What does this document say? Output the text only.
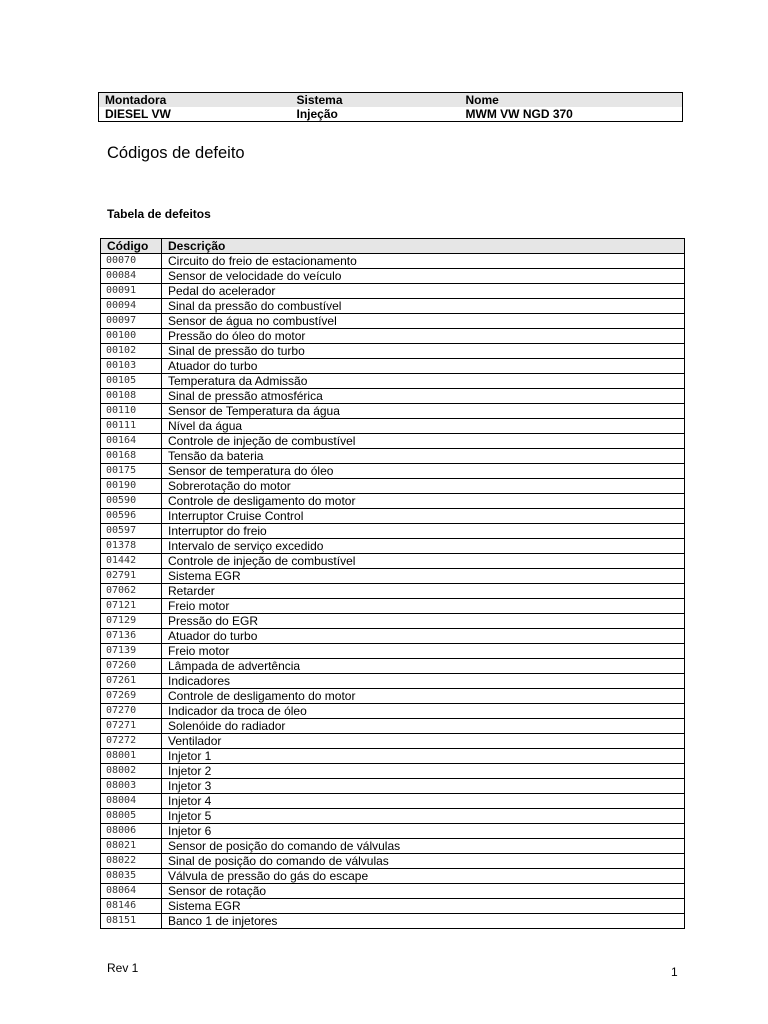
Montadora	Sistema	Nome
DIESEL VW	Injeção	MWM VW NGD 370
Códigos de defeito
Tabela de defeitos
Código	Descrição
00070	Circuito do freio de estacionamento
00084	Sensor de velocidade do veículo
00091	Pedal do acelerador
00094	Sinal da pressão do combustível
00097	Sensor de água no combustível
00100	Pressão do óleo do motor
00102	Sinal de pressão do turbo
00103	Atuador do turbo
00105	Temperatura da Admissão
00108	Sinal de pressão atmosférica
00110	Sensor de Temperatura da água
00111	Nível da água
00164	Controle de injeção de combustível
00168	Tensão da bateria
00175	Sensor de temperatura do óleo
00190	Sobrerotação do motor
00590	Controle de desligamento do motor
00596	Interruptor Cruise Control
00597	Interruptor do freio
01378	Intervalo de serviço excedido
01442	Controle de injeção de combustível
02791	Sistema EGR
07062	Retarder
07121	Freio motor
07129	Pressão do EGR
07136	Atuador do turbo
07139	Freio motor
07260	Lâmpada de advertência
07261	Indicadores
07269	Controle de desligamento do motor
07270	Indicador da troca de óleo
07271	Solenóide do radiador
07272	Ventilador
08001	Injetor 1
08002	Injetor 2
08003	Injetor 3
08004	Injetor 4
08005	Injetor 5
08006	Injetor 6
08021	Sensor de posição do comando de válvulas
08022	Sinal de posição do comando de válvulas
08035	Válvula de pressão do gás do escape
08064	Sensor de rotação
08146	Sistema EGR
08151	Banco 1 de injetores
Rev 1	1
